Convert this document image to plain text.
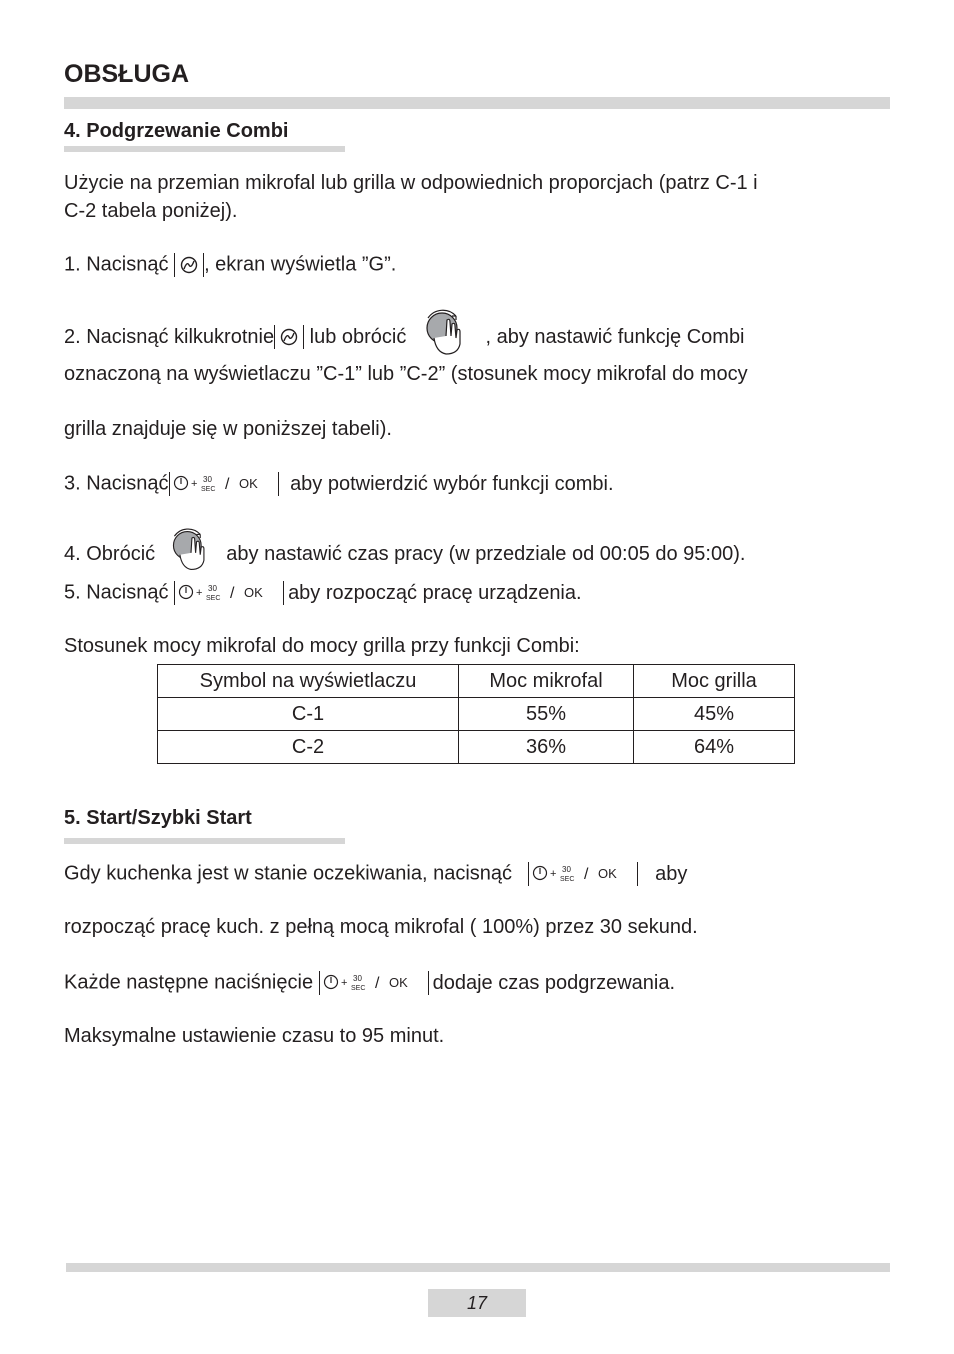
OBSŁUGA
4. Podgrzewanie Combi
Użycie na przemian mikrofal lub grilla w odpowiednich proporcjach (patrz C-1 i
C-2 tabela poniżej).
1. Nacisnąć , ekran wyświetla ”G”.
2. Nacisnąć kilkukrotnie lub obrócić	, aby nastawić funkcję Combi
oznaczoną na wyświetlaczu ”C-1” lub ”C-2” (stosunek mocy mikrofal do mocy
grilla znajduje się w poniższej tabeli).
3. Nacisnąć + 30
SEC / OK aby potwierdzić wybór funkcji combi.
4. Obrócić	aby nastawić czas pracy (w przedziale od 00:05 do 95:00).
5. Nacisnąć	+ 30
SEC / OK aby rozpocząć pracę urządzenia.
Stosunek mocy mikrofal do mocy grilla przy funkcji Combi:
Symbol na wyświetlaczu	Moc mikrofal	Moc grilla
C-1	55%	45%
C-2	36%	64%
5. Start/Szybki Start
Gdy kuchenka jest w stanie oczekiwania, nacisnąć	+ 30
SEC / OK aby
rozpocząć pracę kuch. z pełną mocą mikrofal ( 100%) przez 30 sekund.
Każde następne naciśnięcie	+ 30
SEC / OK dodaje czas podgrzewania.
Maksymalne ustawienie czasu to 95 minut.
17
